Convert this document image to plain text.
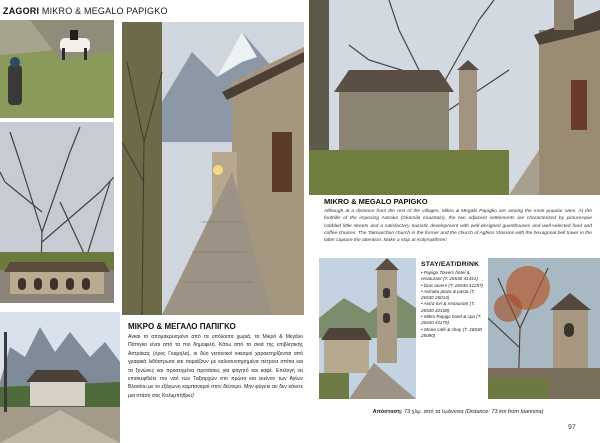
ZAGORI MIKRO & MEGALO PAPIGKO
ΜΙΚΡΟ & ΜΕΓΑΛΟ ΠΑΠΙΓΚΟ
Ανκαι το απομακρυσμένο από τα υπόλοιπα χωριά, τα Μικρό & Μεγάλο Πάπιγκο είναι από τα πιο δημοφιλή. Κάτω από τα σκιά της επιβλητικής Αστράκας (όρος Γκαμήλα), οι δύο γειτονικοί οικισμοί χαρακτηρίζονται από γραφικά λιθόστρωτα και ταιριάζουν με καλοσυντηρημένα πέτρινα σπίτια και τα ξενώνες και προσεγμένα προτάσεις για φαγητό και καφέ. Επιλογή να επισκεφθείτε τον ναό των Ταξιαρχών στο πρώτο και εκείνον των Αγίων Βλασίου με το εξάγωνο καμπαναριό στον δεύτερο. Μην φύγετε αν δεν κάνετε μια στάση στις Κολυμπήθρες!
MIKRO & MEGALO PAPIGKO
Although at a distance from the rest of the villages, Mikro & Megalo Papigko are among the most popular ones. At the foothills of the imposing Astraka (Gkamila mountain), the two adjacent settlements are characterized by picturesque cobbled little streets and a satisfactory touristic development with well-designed guesthouses and well-selected food and coffee choices. The Taksiarchon church in the former and the church of Aghios Vlassios with the hexagonal bell tower in the latter capture the attention. Make a stop at Kolympithres!
STAY/EAT/DRINK
• Papigo Towers hotel & restaurant (T. 26530 41441)
• Dias tavern (T. 26530 41257)
• Astraka plaza & pasta (T. 26530 25014)
• Astra Inn & restaurant (T. 26530 42108)
• Mikro Papigo hotel & spa (T. 26530 41179)
• Stone café & shop (T. 26530 25090)
Απόσταση: 73 χλμ. από τα Ιωάννινα (Distance: 73 km from Ioannina)
97
